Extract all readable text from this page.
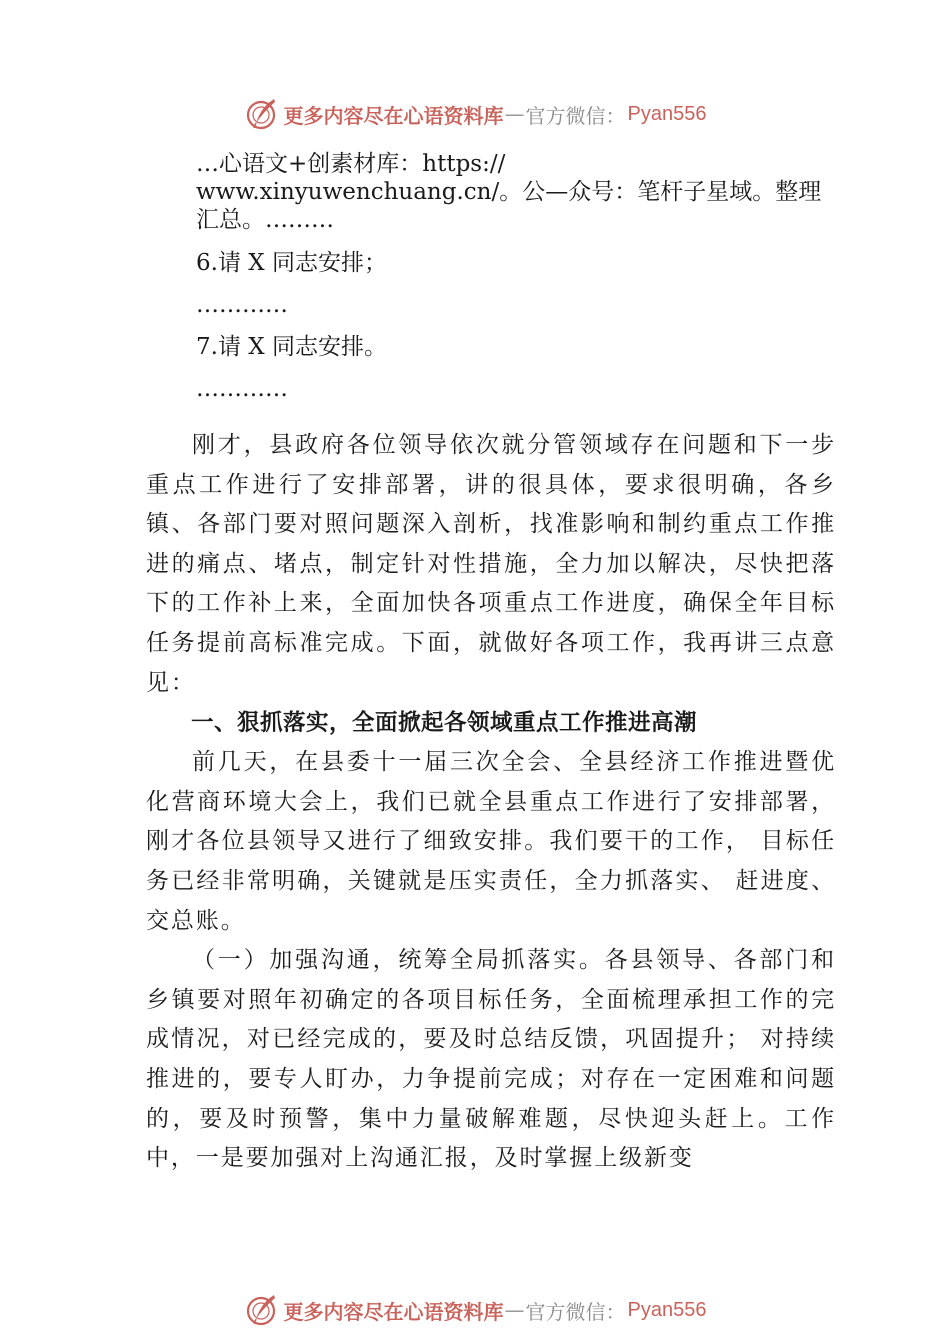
更多内容尽在心语资料库 — 官方微信： Pyan556
…心语文+创素材库：https://
www.xinyuwenchuang.cn/。公—众号：笔杆子星域。整理
汇总。………
6.请 X 同志安排；
…………
7.请 X 同志安排。
…………

刚才，县政府各位领导依次就分管领域存在问题和下一步重点工作进行了安排部署，讲的很具体，要求很明确，各乡镇、各部门要对照问题深入剖析，找准影响和制约重点工作推进的痛点、堵点，制定针对性措施，全力加以解决，尽快把落下的工作补上来，全面加快各项重点工作进度，确保全年目标任务提前高标准完成。下面，就做好各项工作，我再讲三点意见：

一、狠抓落实，全面掀起各领域重点工作推进高潮

前几天，在县委十一届三次全会、全县经济工作推进暨优化营商环境大会上，我们已就全县重点工作进行了安排部署，刚才各位县领导又进行了细致安排。我们要干的工作， 目标任务已经非常明确，关键就是压实责任，全力抓落实、 赶进度、交总账。

（一）加强沟通，统筹全局抓落实。各县领导、各部门和乡镇要对照年初确定的各项目标任务，全面梳理承担工作的完成情况，对已经完成的，要及时总结反馈，巩固提升； 对持续推进的，要专人盯办，力争提前完成；对存在一定困难和问题的，要及时预警，集中力量破解难题，尽快迎头赶上。工作中，一是要加强对上沟通汇报，及时掌握上级新变

更多内容尽在心语资料库 — 官方微信： Pyan556
